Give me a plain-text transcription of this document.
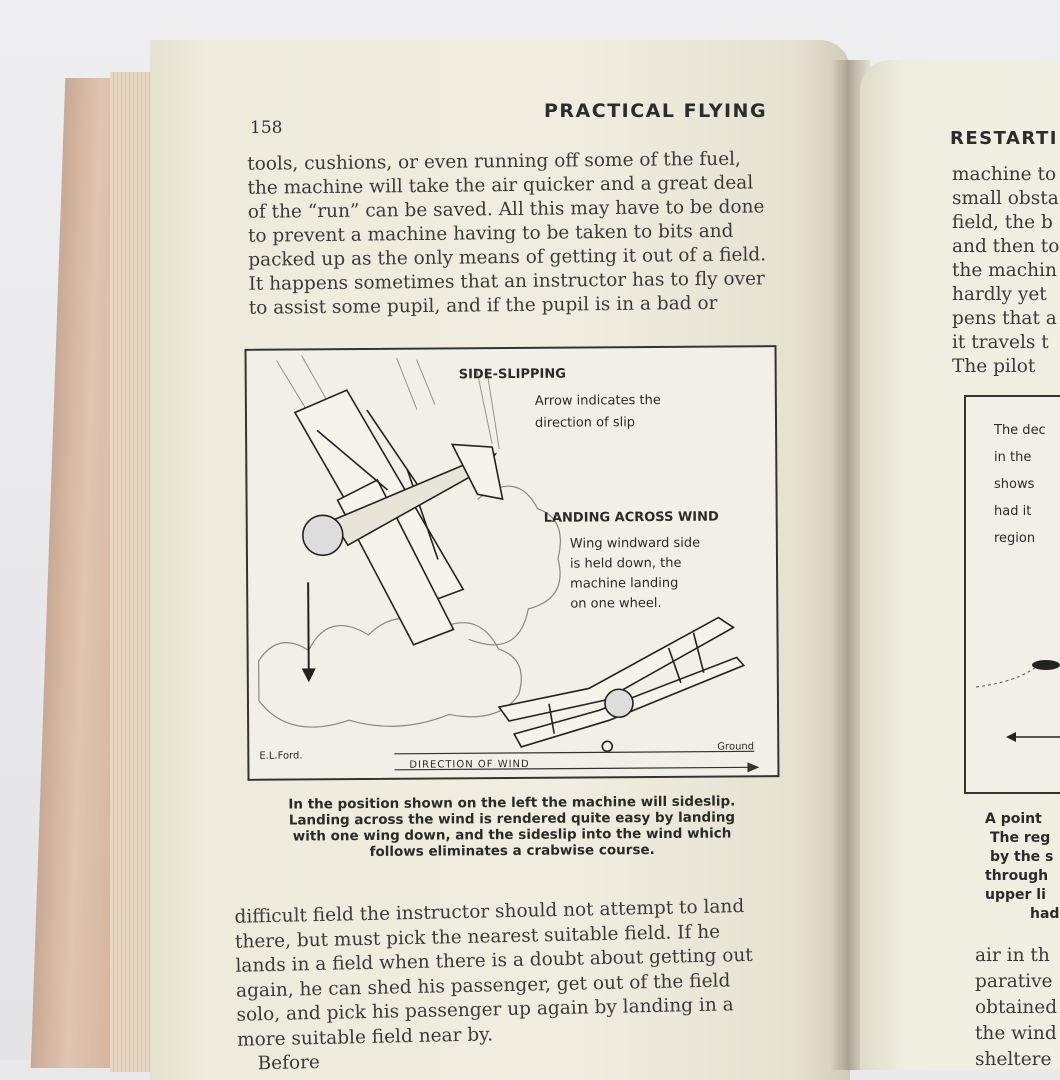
158
PRACTICAL FLYING

tools, cushions, or even running off some of the fuel,

the machine will take the air quicker and a great deal

of the “run” can be saved. All this may have to be done

to prevent a machine having to be taken to bits and

packed up as the only means of getting it out of a field.

It happens sometimes that an instructor has to fly over

to assist some pupil, and if the pupil is in a bad or

SIDE-SLIPPING
Arrow indicates the
direction of slip
LANDING ACROSS WIND
Wing windward side
is held down, the
machine landing
on one wheel.
E.L.Ford.
Ground
DIRECTION OF WIND

In the position shown on the left the machine will sideslip.

Landing across the wind is rendered quite easy by landing

with one wing down, and the sideslip into the wind which

follows eliminates a crabwise course.

difficult field the instructor should not attempt to land

there, but must pick the nearest suitable field. If he

lands in a field when there is a doubt about getting out

again, he can shed his passenger, get out of the field

solo, and pick his passenger up again by landing in a

more suitable field near by.

Before

RESTARTI

machine to

small obsta

field, the b

and then to

the machin

hardly yet

pens that a

it travels t

The pilot

The dec

in the

shows

had it

region

A point

The reg

by the s

through

upper li

had

air in th

parative

obtained

the wind

sheltere
